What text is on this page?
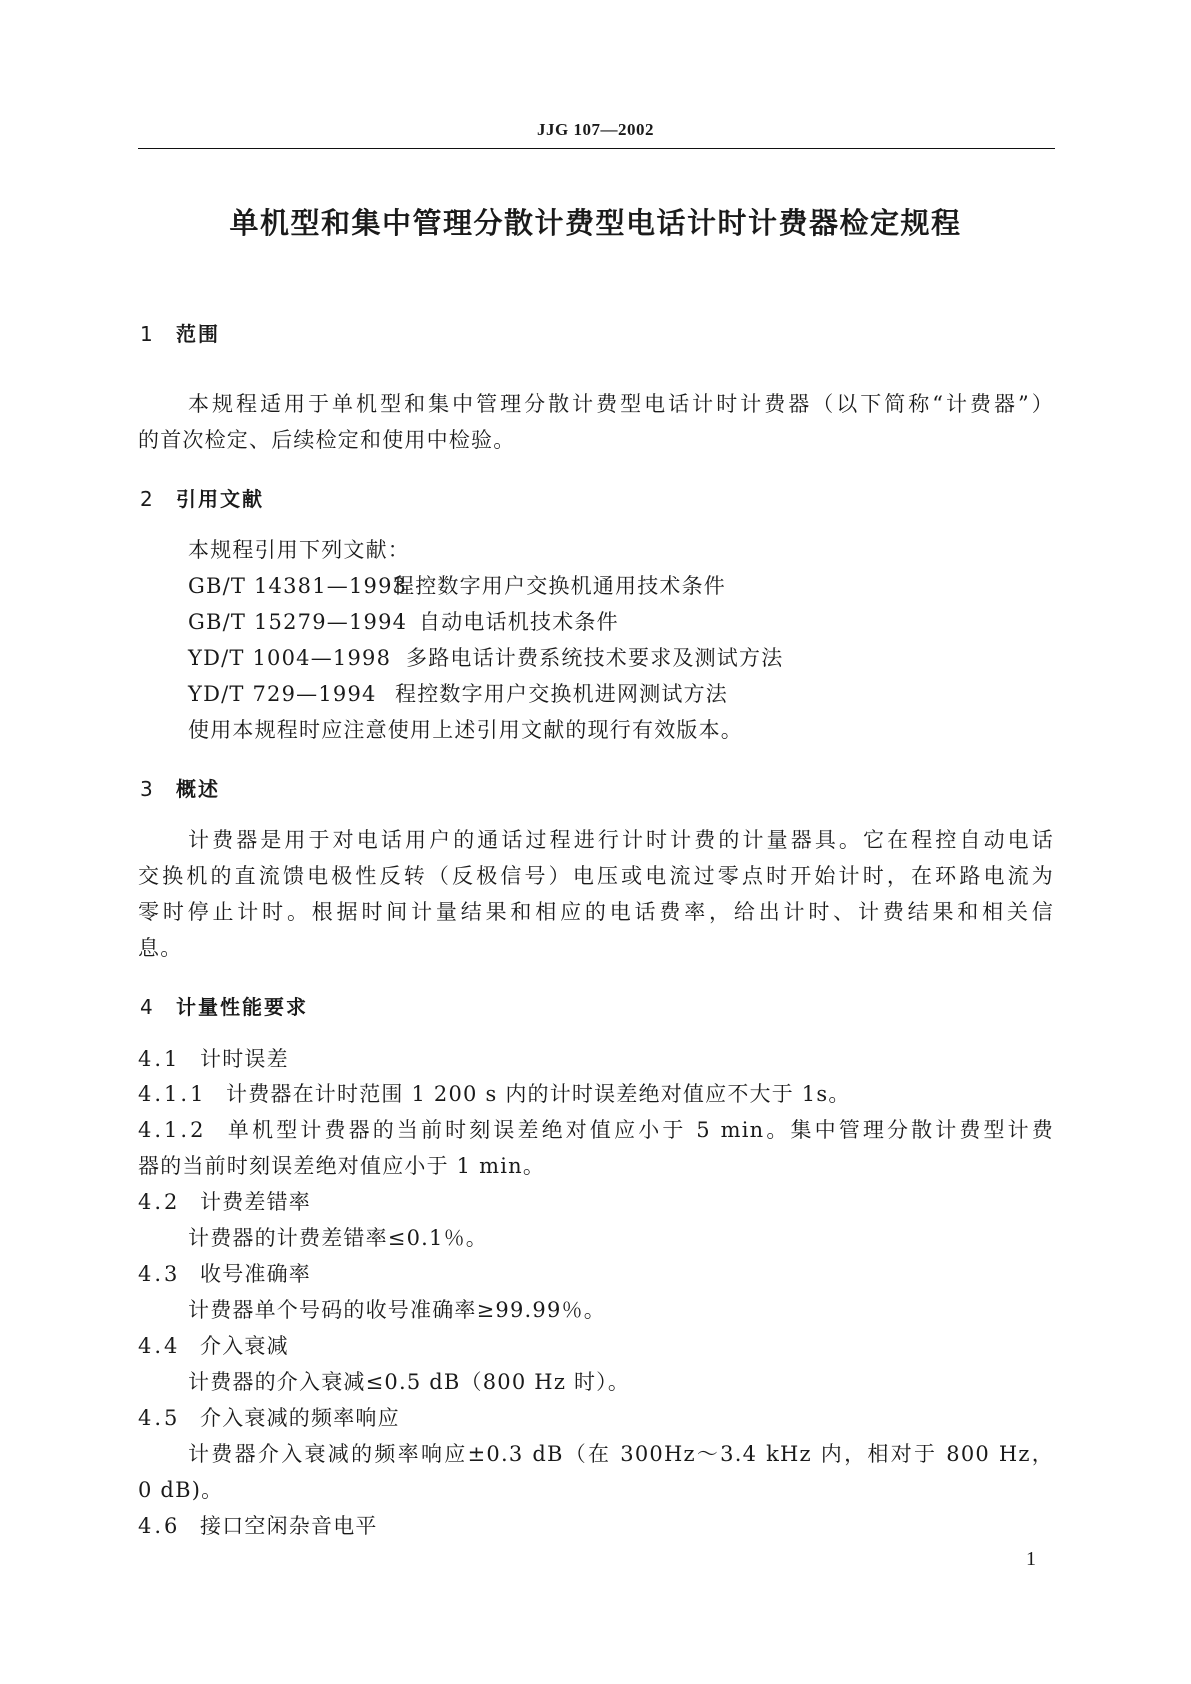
JJG 107—2002
单机型和集中管理分散计费型电话计时计费器检定规程
1 范围
本规程适用于单机型和集中管理分散计费型电话计时计费器（以下简称“计费器”）
的首次检定、后续检定和使用中检验。
2 引用文献
本规程引用下列文献：
GB/T 14381—1993程控数字用户交换机通用技术条件
GB/T 15279—1994 自动电话机技术条件
YD/T 1004—1998 多路电话计费系统技术要求及测试方法
YD/T 729—1994 程控数字用户交换机进网测试方法
使用本规程时应注意使用上述引用文献的现行有效版本。
3 概述
计费器是用于对电话用户的通话过程进行计时计费的计量器具。它在程控自动电话
交换机的直流馈电极性反转（反极信号）电压或电流过零点时开始计时，在环路电流为
零时停止计时。根据时间计量结果和相应的电话费率，给出计时、计费结果和相关信
息。
4 计量性能要求
4.1 计时误差
4.1.1 计费器在计时范围 1 200 s 内的计时误差绝对值应不大于 1s。
4.1.2 单机型计费器的当前时刻误差绝对值应小于 5 min。集中管理分散计费型计费
器的当前时刻误差绝对值应小于 1 min。
4.2 计费差错率
计费器的计费差错率≤0.1％。
4.3 收号准确率
计费器单个号码的收号准确率≥99.99％。
4.4 介入衰减
计费器的介入衰减≤0.5 dB（800 Hz 时）。
4.5 介入衰减的频率响应
计费器介入衰减的频率响应±0.3 dB（在 300Hz～3.4 kHz 内，相对于 800 Hz，
0 dB)。
4.6 接口空闲杂音电平
1
